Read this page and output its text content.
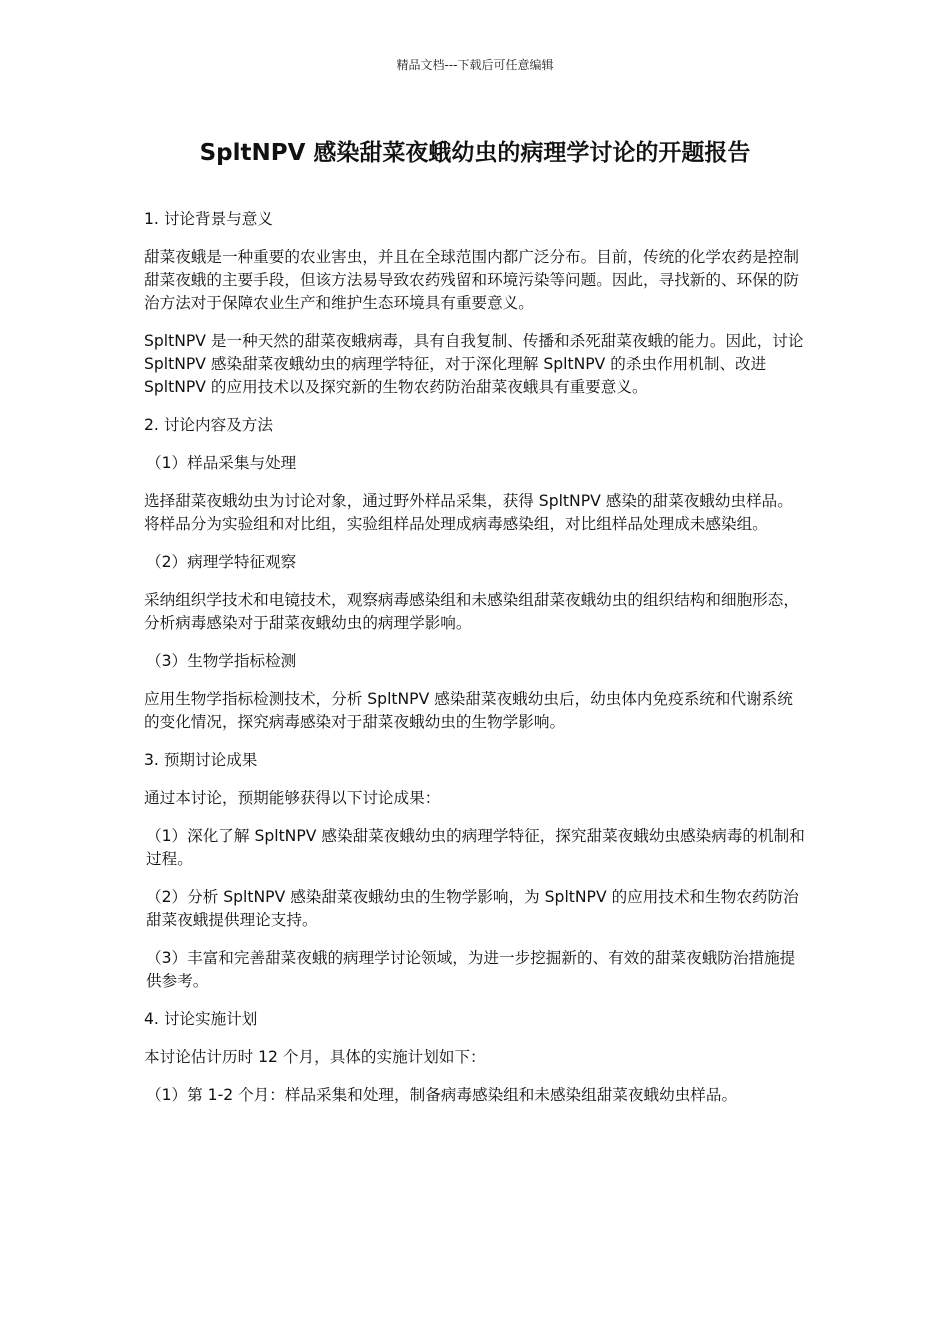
精品文档---下载后可任意编辑
SpltNPV 感染甜菜夜蛾幼虫的病理学讨论的开题报告

1. 讨论背景与意义

甜菜夜蛾是一种重要的农业害虫，并且在全球范围内都广泛分布。目前，传统的化学农药是控制甜菜夜蛾的主要手段，但该方法易导致农药残留和环境污染等问题。因此，寻找新的、环保的防治方法对于保障农业生产和维护生态环境具有重要意义。

SpltNPV 是一种天然的甜菜夜蛾病毒，具有自我复制、传播和杀死甜菜夜蛾的能力。因此，讨论 SpltNPV 感染甜菜夜蛾幼虫的病理学特征，对于深化理解 SpltNPV 的杀虫作用机制、改进 SpltNPV 的应用技术以及探究新的生物农药防治甜菜夜蛾具有重要意义。

2. 讨论内容及方法

（1）样品采集与处理

选择甜菜夜蛾幼虫为讨论对象，通过野外样品采集，获得 SpltNPV 感染的甜菜夜蛾幼虫样品。将样品分为实验组和对比组，实验组样品处理成病毒感染组，对比组样品处理成未感染组。

（2）病理学特征观察

采纳组织学技术和电镜技术，观察病毒感染组和未感染组甜菜夜蛾幼虫的组织结构和细胞形态，分析病毒感染对于甜菜夜蛾幼虫的病理学影响。

（3）生物学指标检测

应用生物学指标检测技术，分析 SpltNPV 感染甜菜夜蛾幼虫后，幼虫体内免疫系统和代谢系统的变化情况，探究病毒感染对于甜菜夜蛾幼虫的生物学影响。

3. 预期讨论成果

通过本讨论，预期能够获得以下讨论成果：

（1）深化了解 SpltNPV 感染甜菜夜蛾幼虫的病理学特征，探究甜菜夜蛾幼虫感染病毒的机制和过程。

（2）分析 SpltNPV 感染甜菜夜蛾幼虫的生物学影响，为 SpltNPV 的应用技术和生物农药防治甜菜夜蛾提供理论支持。

（3）丰富和完善甜菜夜蛾的病理学讨论领域，为进一步挖掘新的、有效的甜菜夜蛾防治措施提供参考。

4. 讨论实施计划

本讨论估计历时 12 个月，具体的实施计划如下：

（1）第 1-2 个月：样品采集和处理，制备病毒感染组和未感染组甜菜夜蛾幼虫样品。
